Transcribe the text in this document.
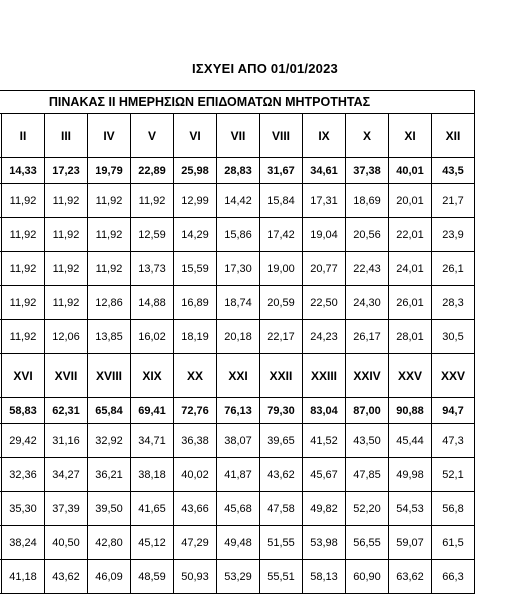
ΙΣΧΥΕΙ ΑΠΟ 01/01/2023
ΠΙΝΑΚΑΣ ΙΙ ΗΜΕΡΗΣΙΩΝ ΕΠΙΔΟΜΑΤΩΝ ΜΗΤΡΟΤΗΤΑΣ											
	II	III	IV	V	VI	VII	VIII	IX	X	XI	XII
	14,33	17,23	19,79	22,89	25,98	28,83	31,67	34,61	37,38	40,01	43,5
	11,92	11,92	11,92	11,92	12,99	14,42	15,84	17,31	18,69	20,01	21,7
	11,92	11,92	11,92	12,59	14,29	15,86	17,42	19,04	20,56	22,01	23,9
	11,92	11,92	11,92	13,73	15,59	17,30	19,00	20,77	22,43	24,01	26,1
	11,92	11,92	12,86	14,88	16,89	18,74	20,59	22,50	24,30	26,01	28,3
	11,92	12,06	13,85	16,02	18,19	20,18	22,17	24,23	26,17	28,01	30,5
	XVI	XVII	XVIII	XIX	XX	XXI	XXII	XXIII	XXIV	XXV	XXV
	58,83	62,31	65,84	69,41	72,76	76,13	79,30	83,04	87,00	90,88	94,7
	29,42	31,16	32,92	34,71	36,38	38,07	39,65	41,52	43,50	45,44	47,3
	32,36	34,27	36,21	38,18	40,02	41,87	43,62	45,67	47,85	49,98	52,1
	35,30	37,39	39,50	41,65	43,66	45,68	47,58	49,82	52,20	54,53	56,8
	38,24	40,50	42,80	45,12	47,29	49,48	51,55	53,98	56,55	59,07	61,5
	41,18	43,62	46,09	48,59	50,93	53,29	55,51	58,13	60,90	63,62	66,3
